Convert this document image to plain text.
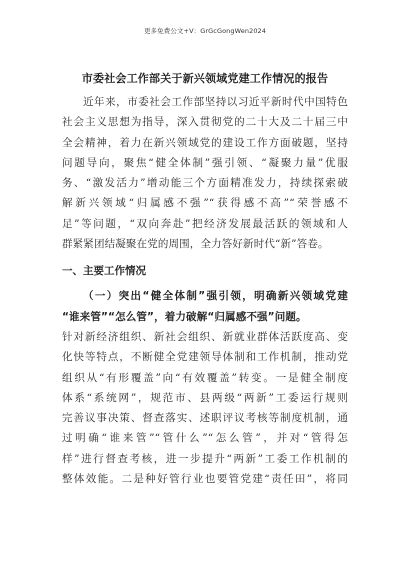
更多免费公文+V：GrGcGongWen2024
市委社会工作部关于新兴领域党建工作情况的报告
近年来，市委社会工作部坚持以习近平新时代中国特色
社会主义思想为指导，深入贯彻党的二十大及二十届三中
全会精神，着力在新兴领域党的建设工作方面破题，坚持
问题导向，聚焦“健全体制”强引领、“凝聚力量”优服
务、“激发活力”增动能三个方面精准发力，持续探索破
解新兴领域“归属感不强”“获得感不高”“荣誉感不
足”等问题，“双向奔赴”把经济发展最活跃的领域和人
群紧紧团结凝聚在党的周围，全力答好新时代“新”答卷。
一、主要工作情况
（一）突出“健全体制”强引领，明确新兴领域党建
“谁来管”“怎么管”，着力破解“归属感不强”问题。
针对新经济组织、新社会组织、新就业群体活跃度高、变
化快等特点，不断健全党建领导体制和工作机制，推动党
组织从“有形覆盖”向“有效覆盖”转变。一是健全制度
体系“系统网”，规范市、县两级“两新”工委运行规则
完善议事决策、督查落实、述职评议考核等制度机制，通
过明确“谁来管”“管什么”“怎么管”，并对“管得怎
样”进行督查考核，进一步提升“两新”工委工作机制的
整体效能。二是种好管行业也要管党建“责任田”，将同
